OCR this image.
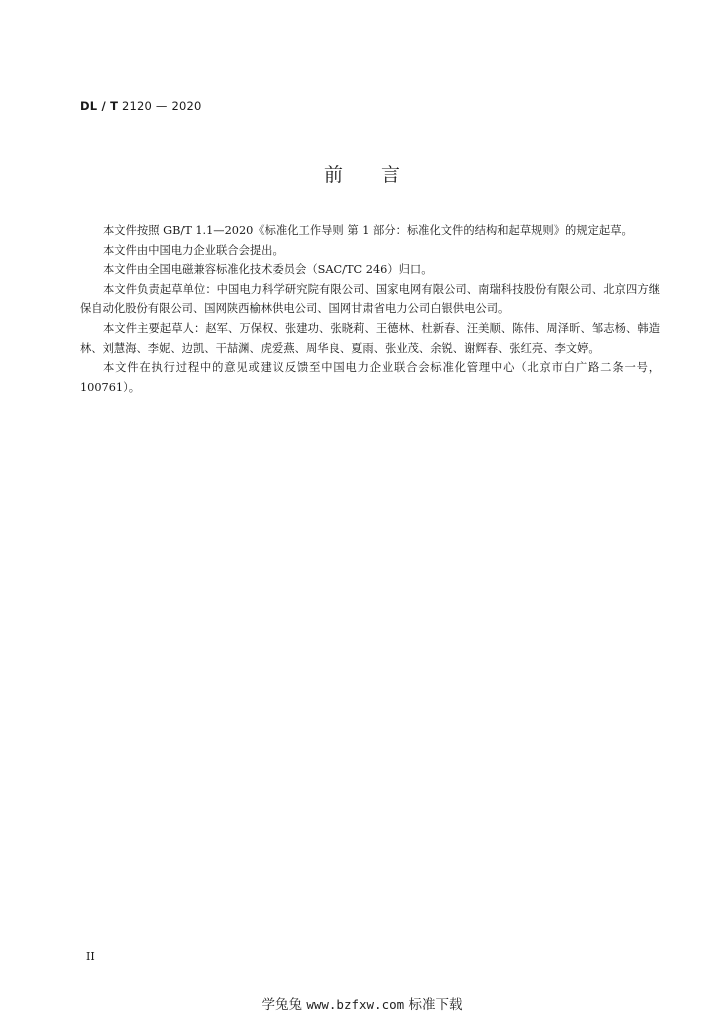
DL / T 2120 — 2020
前言

本文件按照 GB/T 1.1—2020《标准化工作导则 第 1 部分：标准化文件的结构和起草规则》的规定起草。

本文件由中国电力企业联合会提出。

本文件由全国电磁兼容标准化技术委员会（SAC/TC 246）归口。

本文件负责起草单位：中国电力科学研究院有限公司、国家电网有限公司、南瑞科技股份有限公司、北京四方继保自动化股份有限公司、国网陕西榆林供电公司、国网甘肃省电力公司白银供电公司。

本文件主要起草人：赵军、万保权、张建功、张晓莉、王德林、杜新春、汪美顺、陈伟、周泽昕、邹志杨、韩造林、刘慧海、李妮、边凯、干喆渊、虎爱燕、周华良、夏雨、张业茂、余锐、谢辉春、张红亮、李文婷。

本文件在执行过程中的意见或建议反馈至中国电力企业联合会标准化管理中心（北京市白广路二条一号，100761）。

II
学兔兔 www.bzfxw.com 标准下载
